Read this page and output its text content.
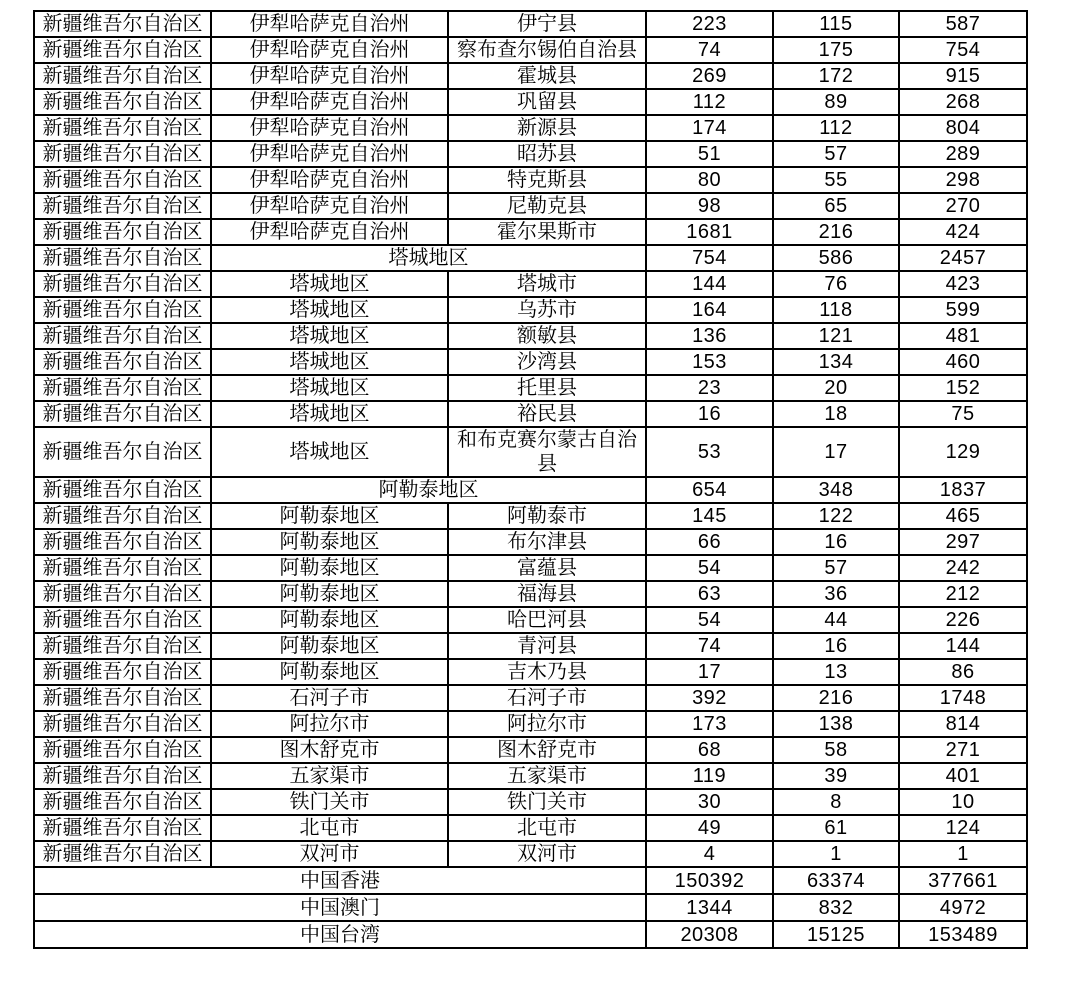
新疆维吾尔自治区	伊犁哈萨克自治州	伊宁县	223	115	587
新疆维吾尔自治区	伊犁哈萨克自治州	察布查尔锡伯自治县	74	175	754
新疆维吾尔自治区	伊犁哈萨克自治州	霍城县	269	172	915
新疆维吾尔自治区	伊犁哈萨克自治州	巩留县	112	89	268
新疆维吾尔自治区	伊犁哈萨克自治州	新源县	174	112	804
新疆维吾尔自治区	伊犁哈萨克自治州	昭苏县	51	57	289
新疆维吾尔自治区	伊犁哈萨克自治州	特克斯县	80	55	298
新疆维吾尔自治区	伊犁哈萨克自治州	尼勒克县	98	65	270
新疆维吾尔自治区	伊犁哈萨克自治州	霍尔果斯市	1681	216	424
新疆维吾尔自治区	塔城地区		754	586	2457
新疆维吾尔自治区	塔城地区	塔城市	144	76	423
新疆维吾尔自治区	塔城地区	乌苏市	164	118	599
新疆维吾尔自治区	塔城地区	额敏县	136	121	481
新疆维吾尔自治区	塔城地区	沙湾县	153	134	460
新疆维吾尔自治区	塔城地区	托里县	23	20	152
新疆维吾尔自治区	塔城地区	裕民县	16	18	75
新疆维吾尔自治区	塔城地区	和布克赛尔蒙古自治县	53	17	129
新疆维吾尔自治区	阿勒泰地区		654	348	1837
新疆维吾尔自治区	阿勒泰地区	阿勒泰市	145	122	465
新疆维吾尔自治区	阿勒泰地区	布尔津县	66	16	297
新疆维吾尔自治区	阿勒泰地区	富蕴县	54	57	242
新疆维吾尔自治区	阿勒泰地区	福海县	63	36	212
新疆维吾尔自治区	阿勒泰地区	哈巴河县	54	44	226
新疆维吾尔自治区	阿勒泰地区	青河县	74	16	144
新疆维吾尔自治区	阿勒泰地区	吉木乃县	17	13	86
新疆维吾尔自治区	石河子市	石河子市	392	216	1748
新疆维吾尔自治区	阿拉尔市	阿拉尔市	173	138	814
新疆维吾尔自治区	图木舒克市	图木舒克市	68	58	271
新疆维吾尔自治区	五家渠市	五家渠市	119	39	401
新疆维吾尔自治区	铁门关市	铁门关市	30	8	10
新疆维吾尔自治区	北屯市	北屯市	49	61	124
新疆维吾尔自治区	双河市	双河市	4	1	1
中国香港			150392	63374	377661
中国澳门			1344	832	4972
中国台湾			20308	15125	153489
